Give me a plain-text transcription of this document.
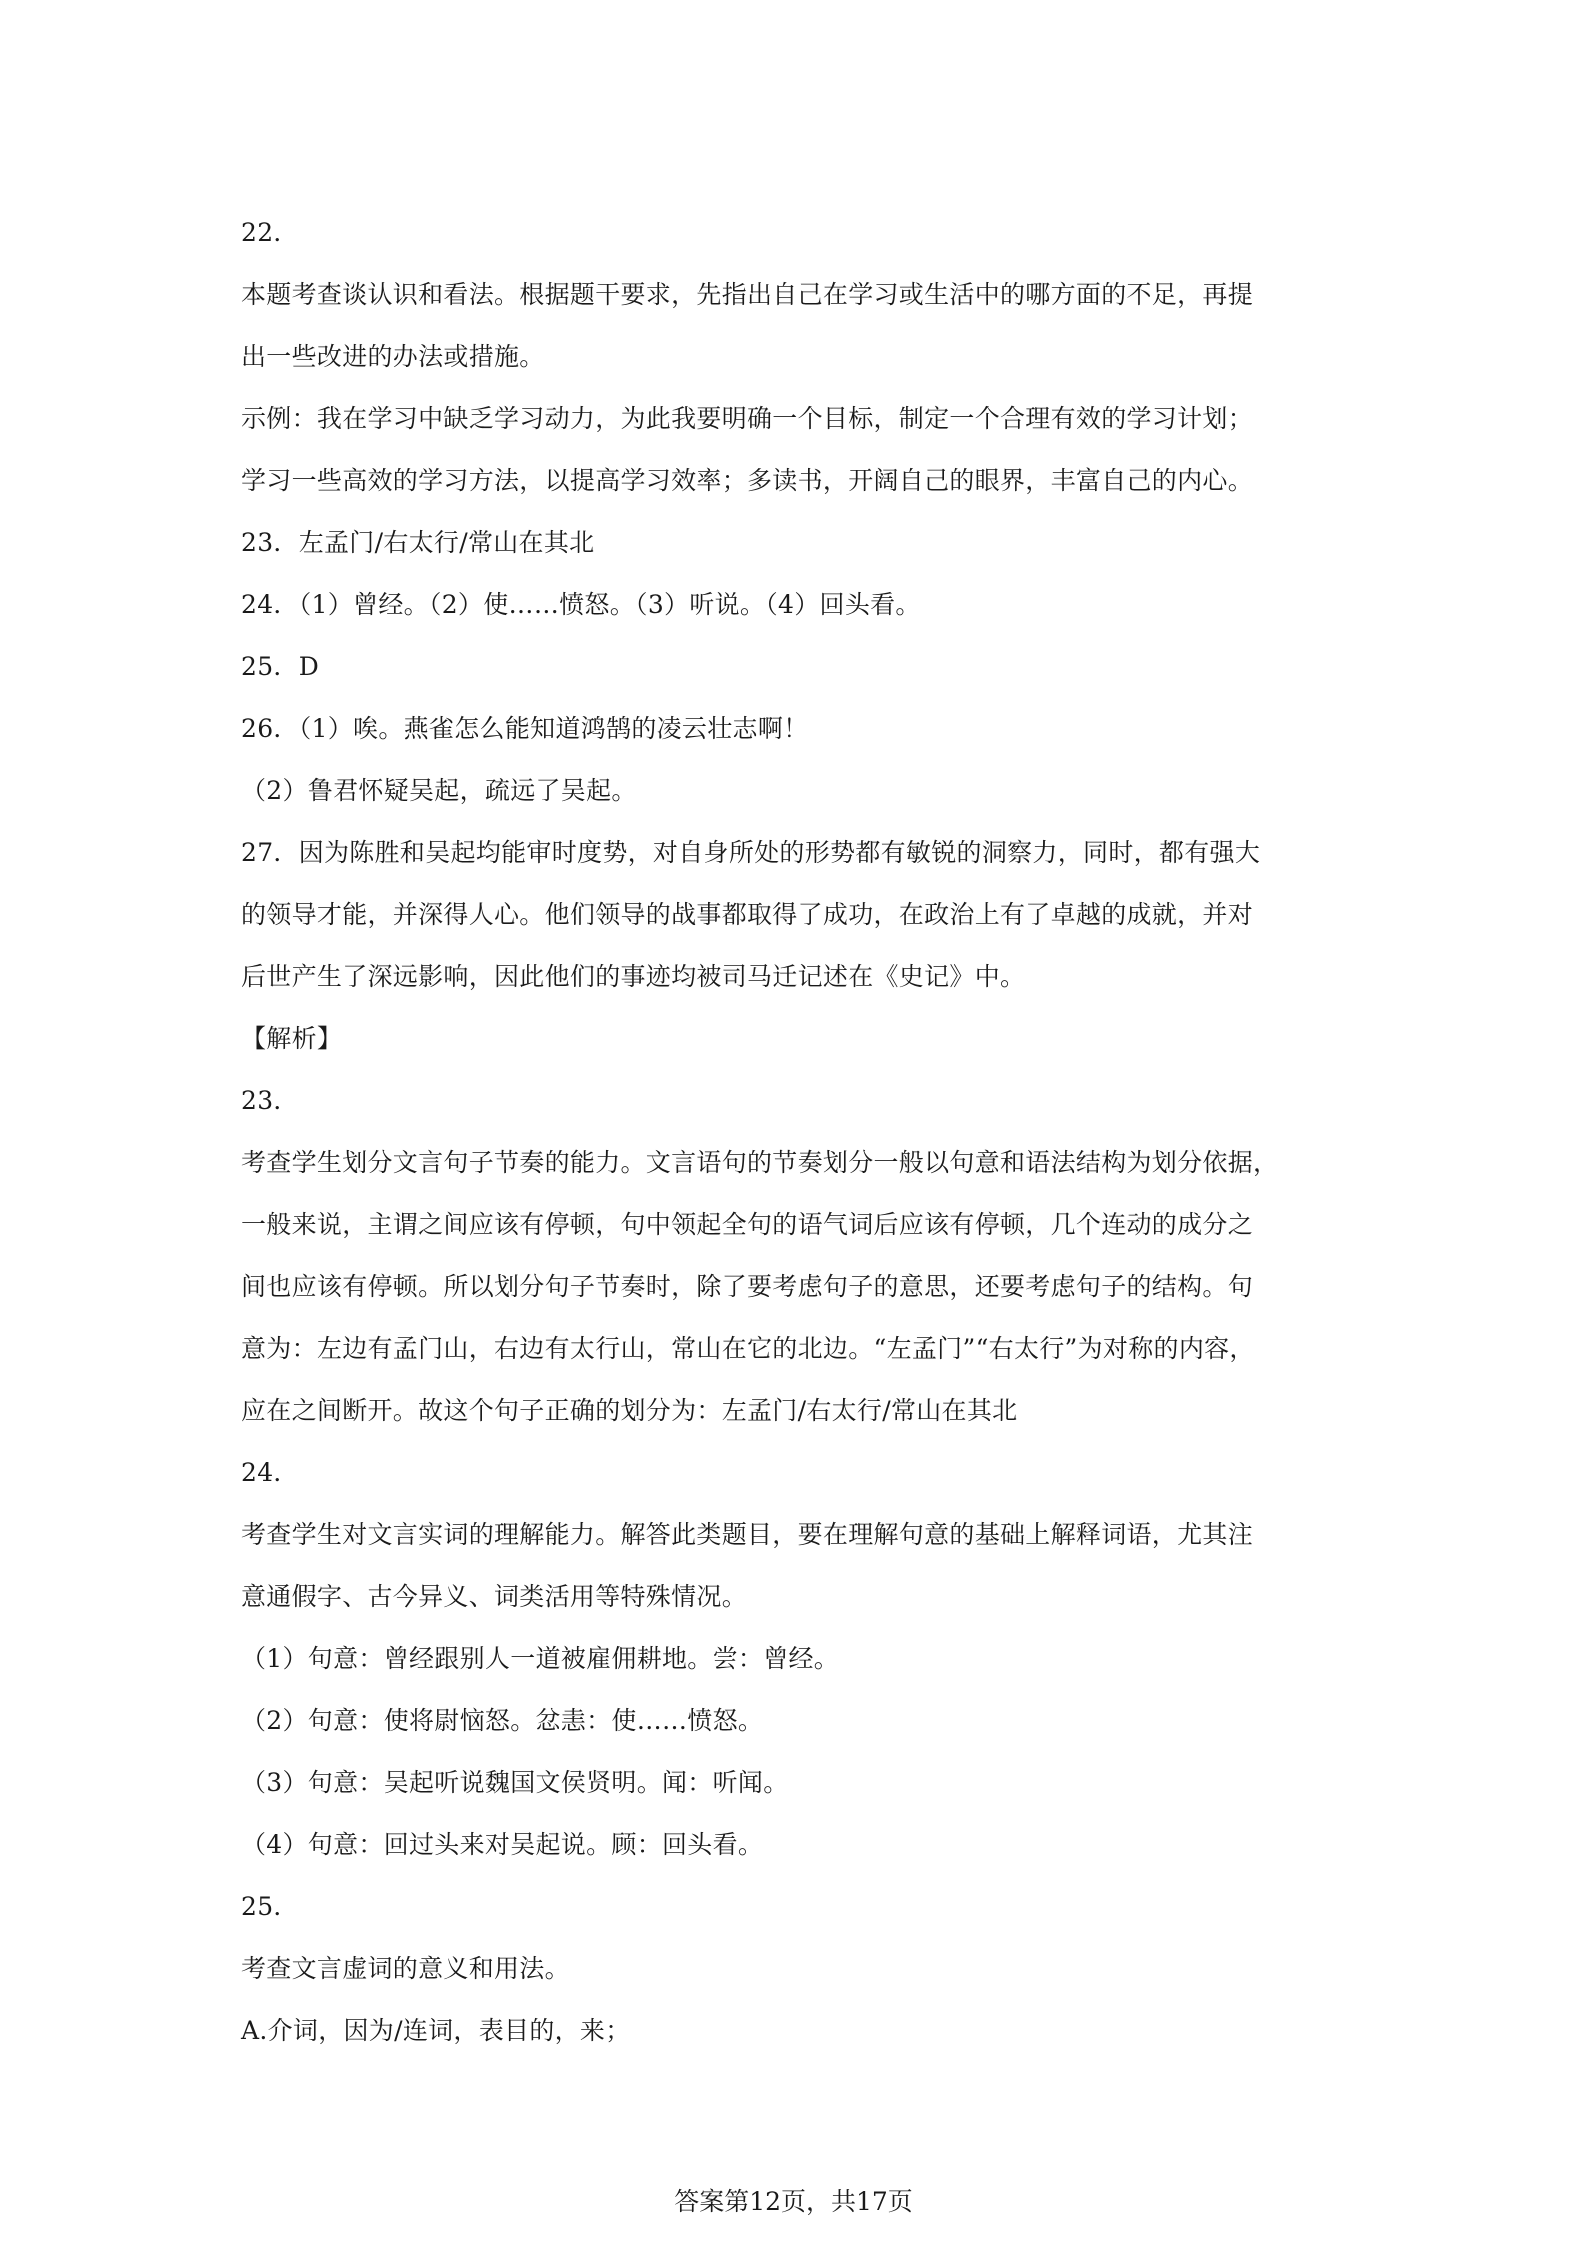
22．
本题考查谈认识和看法。根据题干要求，先指出自己在学习或生活中的哪方面的不足，再提
出一些改进的办法或措施。
示例：我在学习中缺乏学习动力，为此我要明确一个目标，制定一个合理有效的学习计划；
学习一些高效的学习方法，以提高学习效率；多读书，开阔自己的眼界，丰富自己的内心。
23．左孟门/右太行/常山在其北
24．（1）曾经。（2）使……愤怒。（3）听说。（4）回头看。
25．D
26．（1）唉。燕雀怎么能知道鸿鹄的凌云壮志啊！
（2）鲁君怀疑吴起，疏远了吴起。
27．因为陈胜和吴起均能审时度势，对自身所处的形势都有敏锐的洞察力，同时，都有强大
的领导才能，并深得人心。他们领导的战事都取得了成功，在政治上有了卓越的成就，并对
后世产生了深远影响，因此他们的事迹均被司马迁记述在《史记》中。
【解析】
23．
考查学生划分文言句子节奏的能力。文言语句的节奏划分一般以句意和语法结构为划分依据，
一般来说，主谓之间应该有停顿，句中领起全句的语气词后应该有停顿，几个连动的成分之
间也应该有停顿。所以划分句子节奏时，除了要考虑句子的意思，还要考虑句子的结构。句
意为：左边有孟门山，右边有太行山，常山在它的北边。“左孟门”“右太行”为对称的内容，
应在之间断开。故这个句子正确的划分为：左孟门/右太行/常山在其北
24．
考查学生对文言实词的理解能力。解答此类题目，要在理解句意的基础上解释词语，尤其注
意通假字、古今异义、词类活用等特殊情况。
（1）句意：曾经跟别人一道被雇佣耕地。尝：曾经。
（2）句意：使将尉恼怒。忿恚：使……愤怒。
（3）句意：吴起听说魏国文侯贤明。闻：听闻。
（4）句意：回过头来对吴起说。顾：回头看。
25．
考查文言虚词的意义和用法。
A.介词，因为/连词，表目的，来；
答案第12页，共17页
